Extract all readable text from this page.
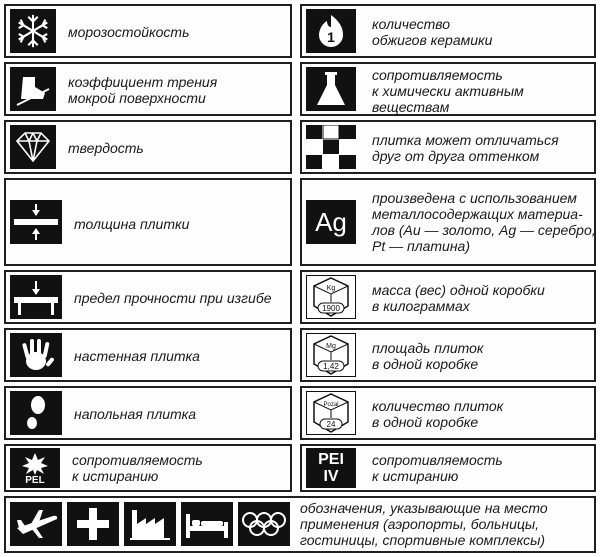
морозостойкость
коэффициент трения
мокрой поверхности
твердость
толщина плитки
предел прочности при изгибе
настенная плитка
напольная плитка
PEL
сопротивляемость
к истиранию
1
количество
обжигов керамики
сопротивляемость
к химически активным
веществам
плитка может отличаться
друг от друга оттенком
Ag
произведена с использованием
металлосодержащих материа-
лов (Au — золото, Ag — серебро,
Pt — платина)
Kg
1900
масса (вес) одной коробки
в килограммах
Mg
1,42
площадь плиток
в одной коробке
Pozal
24
количество плиток
в одной коробке
PEI
IV
сопротивляемость
к истиранию
обозначения, указывающие на место
применения (аэропорты, больницы,
гостиницы, спортивные комплексы)
